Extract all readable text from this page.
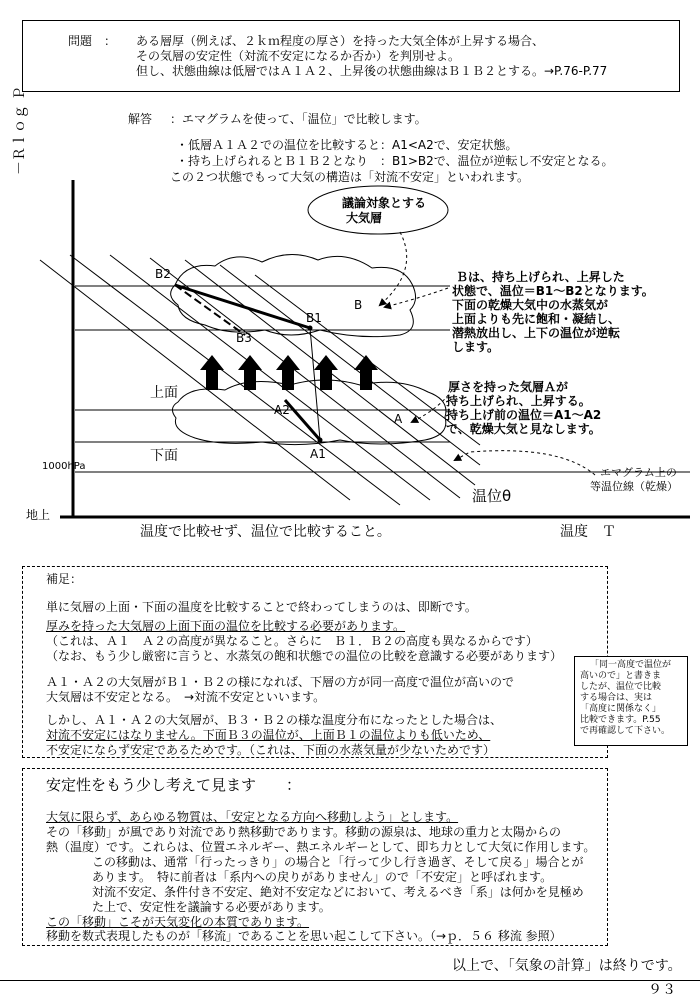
問題　： ある層厚（例えば、２ｋｍ程度の厚さ）を持った大気全体が上昇する場合、
その気層の安定性（対流不安定になるか否か）を判別せよ。
但し、状態曲線は低層ではＡ１Ａ２、上昇後の状態曲線はＢ１Ｂ２とする。→P.76-P.77
解答 ：エマグラムを使って、「温位」で比較します。
・低層Ａ１Ａ２での温位を比較すると：A1<A2で、安定状態。
・持ち上げられるとＢ１Ｂ２となり　：B1>B2で、温位が逆転し不安定となる。
この２つ状態でもって大気の構造は「対流不安定」といわれます。
－Ｒｌｏｇ Ｐ
地上
1000hPa
上面
下面
温度で比較せず、温位で比較すること。	温度　Ｔ
温位θ
議論対象とする
大気層
B2
B1
B3
A2
A1
B
A
Ｂは、持ち上げられ、上昇した
状態で、温位＝B1～B2となります。
下面の乾燥大気中の水蒸気が
上面よりも先に飽和・凝結し、
潜熱放出し、上下の温位が逆転
します。
厚さを持った気層Ａが
持ち上げられ、上昇する。
持ち上げ前の温位＝A1～A2
で、乾燥大気と見なします。
エマグラム上の
等温位線（乾燥）
補足：
単に気層の上面・下面の温度を比較することで終わってしまうのは、即断です。
厚みを持った大気層の上面下面の温位を比較する必要があります。
（これは、Ａ１　Ａ２の高度が異なること。さらに　Ｂ１．Ｂ２の高度も異なるからです）
（なお、もう少し厳密に言うと、水蒸気の飽和状態での温位の比較を意識する必要があります）
Ａ１・Ａ２の大気層がＢ１・Ｂ２の様になれば、下層の方が同一高度で温位が高いので
大気層は不安定となる。　→対流不安定といいます。
しかし、Ａ１・Ａ２の大気層が、Ｂ３・Ｂ２の様な温度分布になったとした場合は、
対流不安定にはなりません。下面Ｂ３の温位が、上面Ｂ１の温位よりも低いため、
不安定にならず安定であるためです。（これは、下面の水蒸気量が少ないためです）
「同一高度で温位が
高いので」と書きま
したが、温位で比較
する場合は、実は
「高度に関係なく」
比較できます。P.55
で再確認して下さい。
安定性をもう少し考えて見ます　　：
大気に限らず、あらゆる物質は、「安定となる方向へ移動しよう」とします。
その「移動」が風であり対流であり熱移動であります。移動の源泉は、地球の重力と太陽からの
熱（温度）です。これらは、位置エネルギー、熱エネルギーとして、即ち力として大気に作用します。
この移動は、通常「行ったっきり」の場合と「行って少し行き過ぎ、そして戻る」場合とが
あります。　特に前者は「系内への戻りがありません」ので「不安定」と呼ばれます。
対流不安定、条件付き不安定、絶対不安定などにおいて、考えるべき「系」は何かを見極め
た上で、安定性を議論する必要があります。
この「移動」こそが天気変化の本質であります。
移動を数式表現したものが「移流」であることを思い起こして下さい。（→ｐ．５６ 移流 参照）
以上で、「気象の計算」は終りです。
９３
